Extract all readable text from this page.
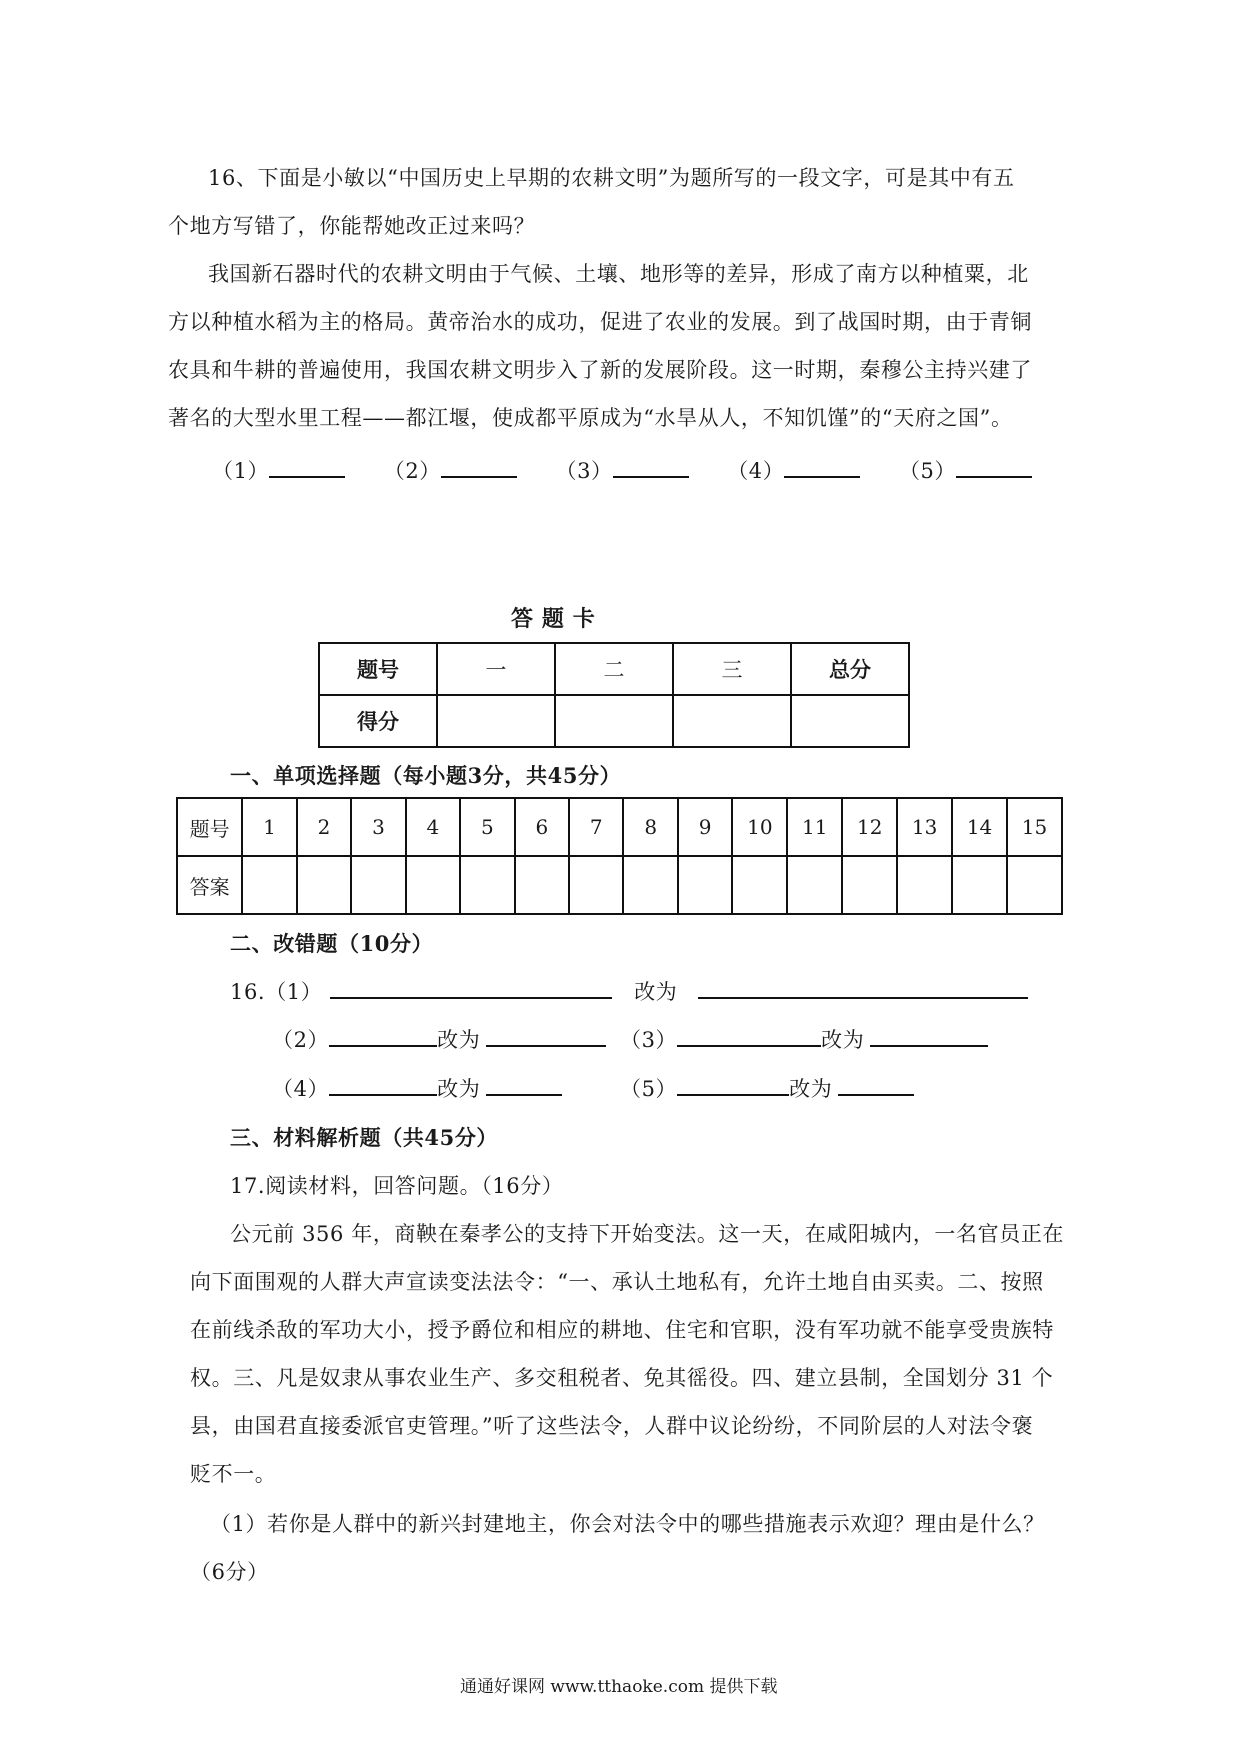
16、下面是小敏以“中国历史上早期的农耕文明”为题所写的一段文字，可是其中有五
个地方写错了，你能帮她改正过来吗？
我国新石器时代的农耕文明由于气候、土壤、地形等的差异，形成了南方以种植粟，北
方以种植水稻为主的格局。黄帝治水的成功，促进了农业的发展。到了战国时期，由于青铜
农具和牛耕的普遍使用，我国农耕文明步入了新的发展阶段。这一时期，秦穆公主持兴建了
著名的大型水里工程——都江堰，使成都平原成为“水旱从人，不知饥馑”的“天府之国”。
（1）	（2）	（3）	（4）	（5）
答 题 卡
题号	一	二	三	总分
得分				
一、单项选择题（每小题3分，共45分）
题号	1	2	3	4	5	6	7	8	9	10	11	12	13	14	15
答案															
二、改错题（10分）
16.（1）	改为
（2）	改为	（3）	改为
（4）	改为	（5）	改为
三、材料解析题（共45分）
17.阅读材料，回答问题。（16分）
公元前 356 年，商鞅在秦孝公的支持下开始变法。这一天，在咸阳城内，一名官员正在
向下面围观的人群大声宣读变法法令：“一、承认土地私有，允许土地自由买卖。二、按照
在前线杀敌的军功大小，授予爵位和相应的耕地、住宅和官职，没有军功就不能享受贵族特
权。三、凡是奴隶从事农业生产、多交租税者、免其徭役。四、建立县制，全国划分 31 个
县，由国君直接委派官吏管理。”听了这些法令，人群中议论纷纷，不同阶层的人对法令褒
贬不一。
（1）若你是人群中的新兴封建地主，你会对法令中的哪些措施表示欢迎？理由是什么？
（6分）
通通好课网 www.tthaoke.com 提供下载
